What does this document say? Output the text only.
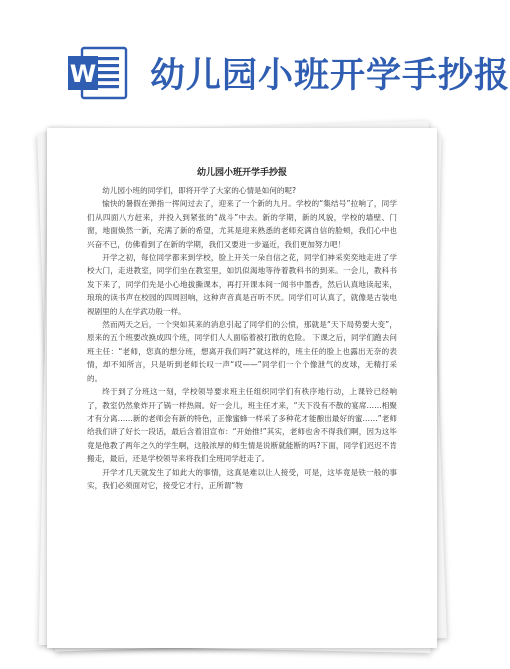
W 幼儿园小班开学手抄报
幼儿园小班开学手抄报

幼儿园小班的同学们，即将开学了大家的心情是如何的呢?

愉快的暑假在弹指一挥间过去了，迎来了一个新的九月。学校的“集结号”拉响了，同学们从四面八方赶来，并投入到紧张的“战斗”中去。新的学期，新的风貌，学校的墙壁、门窗，地面焕然一新，充满了新的希望，尤其是迎来熟悉的老师充满自信的脸颊，我们心中也兴奋不已，仿佛看到了在新的学期，我们又要进一步逼近，我们更加努力吧！

开学之初，每位同学都来到学校，脸上开关一朵自信之花，同学们神采奕奕地走进了学校大门，走进教室，同学们坐在教室里，如饥似渴地等待着教科书的到来。一会儿，教科书发下来了，同学们先是小心地拔撕课本，再打开课本间一闻书中墨香，然后认真地读起来，琅琅的读书声在校园的四周回响，这种声音真是百听不厌。同学们可认真了，就像是古装电视剧里的人在学武功般一样。

然而两天之后，一个突如其来的消息引起了同学们的公愤，那就是“天下局势要大变”，原来的五个班要改换成四个班，同学们人人面临着被打散的危险。 下课之后，同学们跑去问班主任：“老师，您真的想分班，想离开我们吗?”就这样的，班主任的脸上也露出无奈的表情，却不知所言，只是听到老师长叹一声“哎——”同学们一个个像泄气的皮球，无精打采的。

终于到了分班这一刻，学校领导要求班主任组织同学们有秩序地行动，上课铃已经响了，教室仍然象炸开了锅一样热闹。好一会儿，班主任才来，“天下没有不散的宴席……相聚才有分离……新的老师会有新的特色，正像蜜蜂一样采了多种花才能酿出最好的蜜……”老师给我们讲了好长一段话，最后含着泪宣布：“开始推!”其实，老师也舍不得我们啊，因为这毕竟是他教了两年之久的学生啊，这般浓厚的师生情是说断就能断的吗?下面，同学们迟迟不肯搬走，最后，还是学校领导来将我们全班同学赶走了。

开学才几天就发生了如此大的事情，这真是难以让人接受，可是，这毕竟是铁一般的事实，我们必须面对它，接受它才行，正所谓“物
